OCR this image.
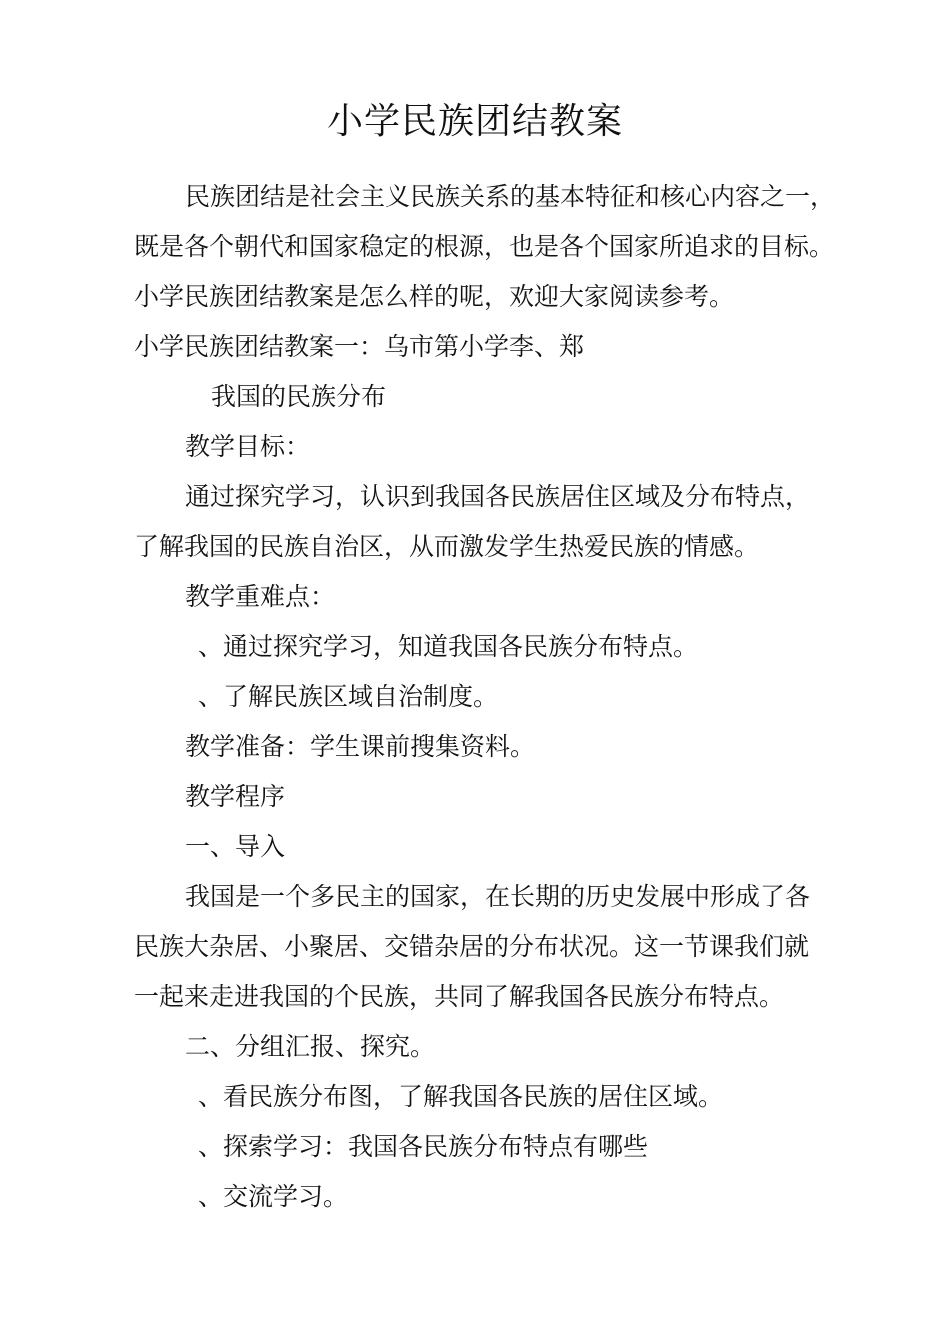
小学民族团结教案
民族团结是社会主义民族关系的基本特征和核心内容之一，
既是各个朝代和国家稳定的根源，也是各个国家所追求的目标。
小学民族团结教案是怎么样的呢，欢迎大家阅读参考。
小学民族团结教案一：乌市第小学李、郑
我国的民族分布
教学目标：
通过探究学习，认识到我国各民族居住区域及分布特点，
了解我国的民族自治区，从而激发学生热爱民族的情感。
教学重难点：
、通过探究学习，知道我国各民族分布特点。
、了解民族区域自治制度。
教学准备：学生课前搜集资料。
教学程序
一、导入
我国是一个多民主的国家，在长期的历史发展中形成了各
民族大杂居、小聚居、交错杂居的分布状况。这一节课我们就
一起来走进我国的个民族，共同了解我国各民族分布特点。
二、分组汇报、探究。
、看民族分布图，了解我国各民族的居住区域。
、探索学习：我国各民族分布特点有哪些
、交流学习。
